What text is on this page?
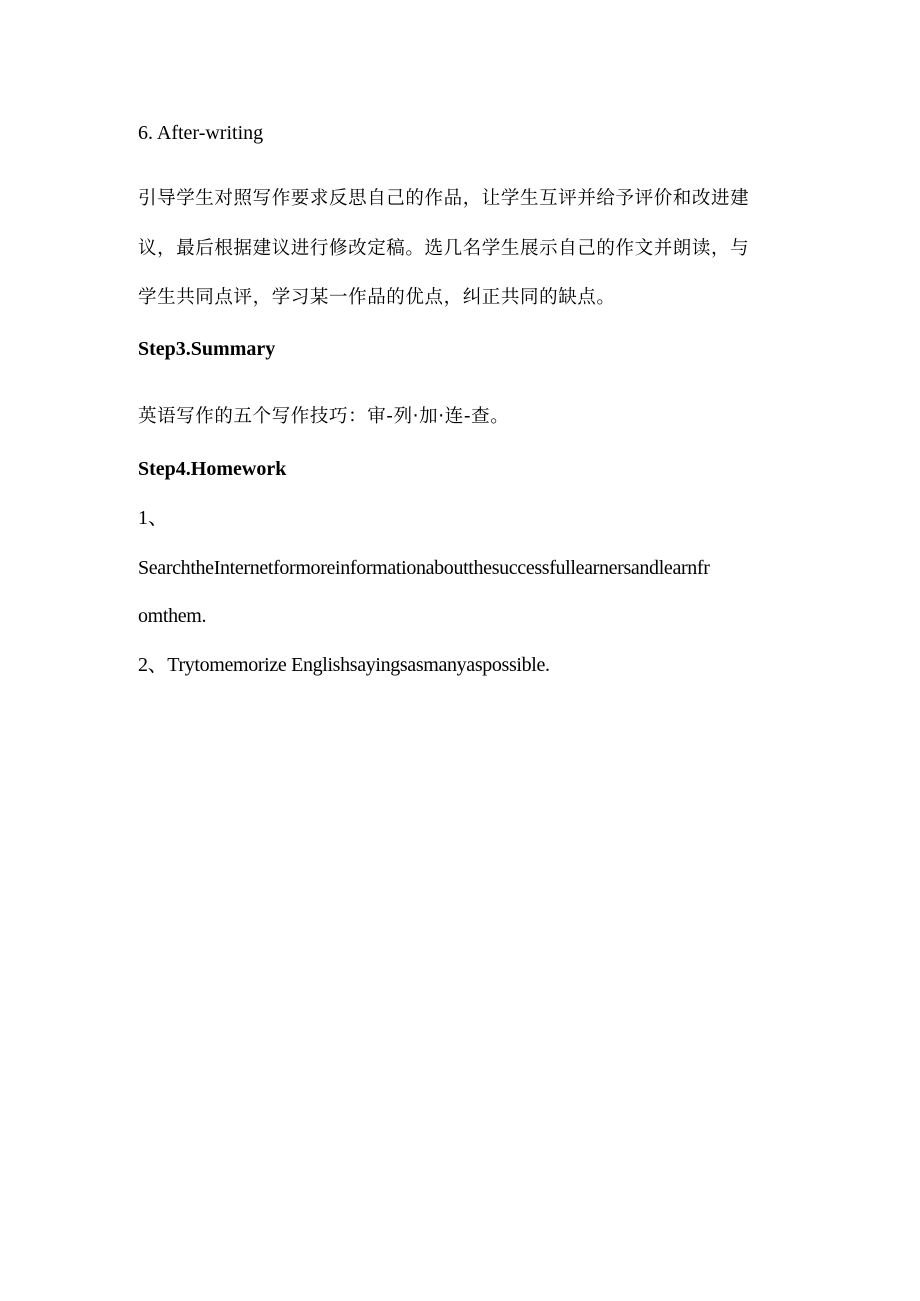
6. After-writing
引导学生对照写作要求反思自己的作品，让学生互评并给予评价和改进建
议，最后根据建议进行修改定稿。选几名学生展示自己的作文并朗读，与
学生共同点评，学习某一作品的优点，纠正共同的缺点。
Step3.Summary
英语写作的五个写作技巧：审-列·加·连-查。
Step4.Homework
1、
SearchtheInternetformoreinformationaboutthesuccessfullearnersandlearnfr
omthem.
2、Trytomemorize Englishsayingsasmanyaspossible.
